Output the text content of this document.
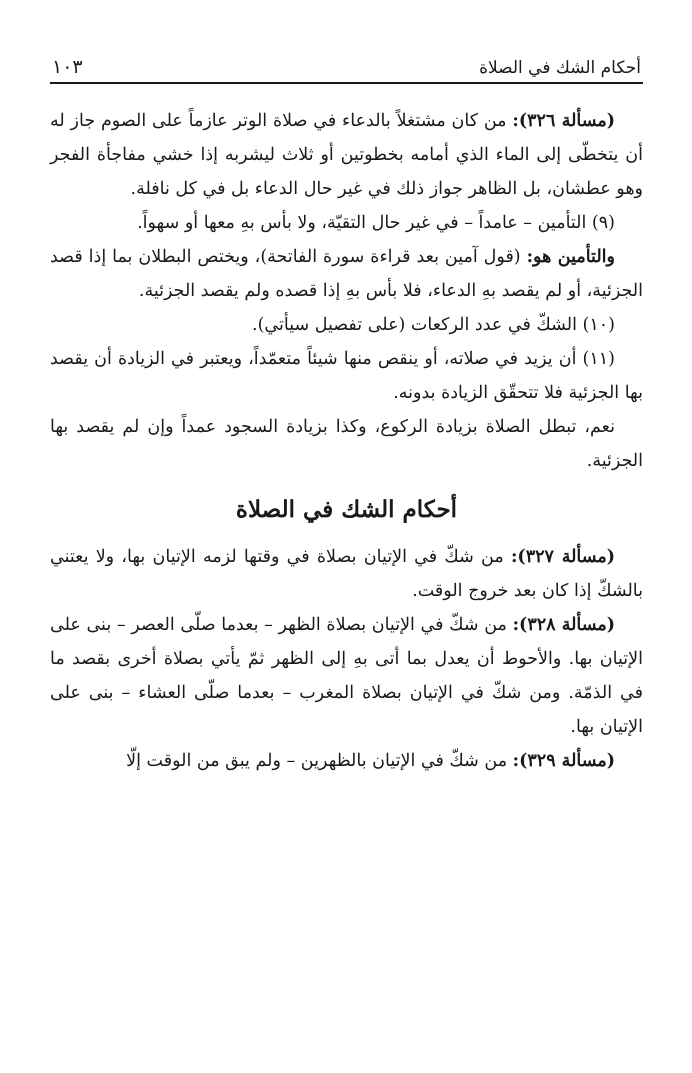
أحكام الشك في الصلاة
١٠٣

(مسألة ٣٢٦): من كان مشتغلاً بالدعاء في صلاة الوتر عازماً على الصوم جاز له أن يتخطّى إلى الماء الذي أمامه بخطوتين أو ثلاث ليشربه إذا خشي مفاجأة الفجر وهو عطشان، بل الظاهر جواز ذلك في غير حال الدعاء بل في كل نافلة.

(٩) التأمين – عامداً – في غير حال التقيّة، ولا بأس بهِ معها أو سهواً.

والتأمين هو: (قول آمين بعد قراءة سورة الفاتحة)، ويختص البطلان بما إذا قصد الجزئية، أو لم يقصد بهِ الدعاء، فلا بأس بهِ إذا قصده ولم يقصد الجزئية.

(١٠) الشكّ في عدد الركعات (على تفصيل سيأتي).

(١١) أن يزيد في صلاته، أو ينقص منها شيئاً متعمّداً، ويعتبر في الزيادة أن يقصد بها الجزئية فلا تتحقّق الزيادة بدونه.

نعم، تبطل الصلاة بزيادة الركوع، وكذا بزيادة السجود عمداً وإن لم يقصد بها الجزئية.

أحكام الشك في الصلاة

(مسألة ٣٢٧): من شكّ في الإتيان بصلاة في وقتها لزمه الإتيان بها، ولا يعتني بالشكّ إذا كان بعد خروج الوقت.

(مسألة ٣٢٨): من شكّ في الإتيان بصلاة الظهر – بعدما صلّى العصر – بنى على الإتيان بها. والأحوط أن يعدل بما أتى بهِ إلى الظهر ثمّ يأتي بصلاة أخرى بقصد ما في الذمّة. ومن شكّ في الإتيان بصلاة المغرب – بعدما صلّى العشاء – بنى على الإتيان بها.

(مسألة ٣٢٩): من شكّ في الإتيان بالظهرين – ولم يبق من الوقت إلّا
